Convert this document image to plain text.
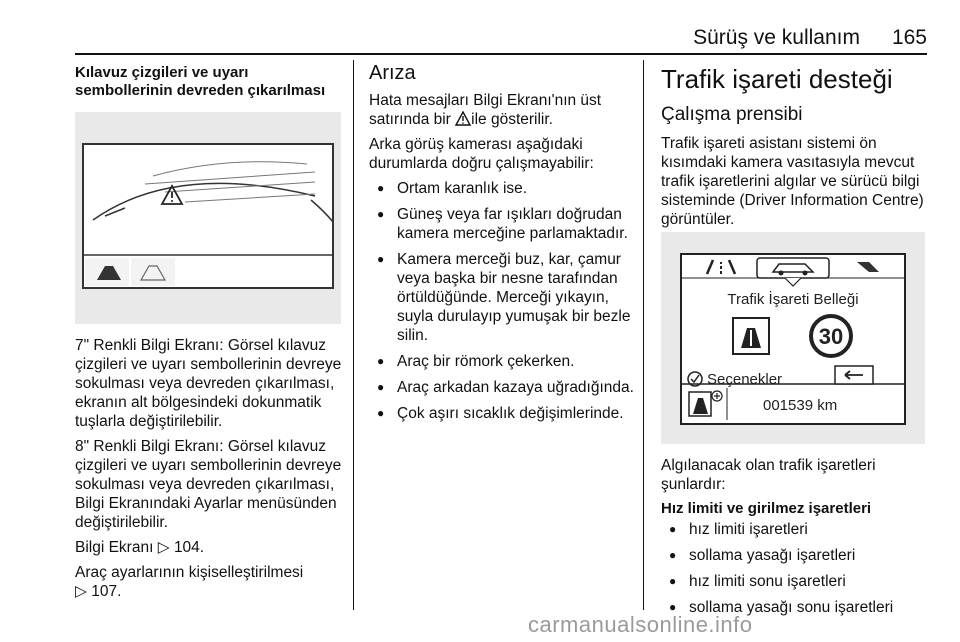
Sürüş ve kullanım	165
Kılavuz çizgileri ve uyarı
sembollerinin devreden çıkarılması

7" Renkli Bilgi Ekranı: Görsel kılavuz çizgileri ve uyarı sembollerinin devreye sokulması veya devreden çıkarılması, ekranın alt bölgesindeki dokunmatik tuşlarla değiştirilebilir.

8" Renkli Bilgi Ekranı: Görsel kılavuz çizgileri ve uyarı sembollerinin devreye sokulması veya devreden çıkarılması, Bilgi Ekranındaki Ayarlar menüsünden değiştirilebilir.

Bilgi Ekranı ▷ 104.

Araç ayarlarının kişiselleştirilmesi
▷ 107.

Arıza

Hata mesajları Bilgi Ekranı'nın üst satırında bir ile gösterilir.

Arka görüş kamerası aşağıdaki durumlarda doğru çalışmayabilir:

● Ortam karanlık ise.
● Güneş veya far ışıkları doğrudan kamera merceğine parlamaktadır.
● Kamera merceği buz, kar, çamur veya başka bir nesne tarafından örtüldüğünde. Merceği yıkayın, suyla durulayıp yumuşak bir bezle silin.
● Araç bir römork çekerken.
● Araç arkadan kazaya uğradığında.
● Çok aşırı sıcaklık değişimlerinde.
Trafik işareti desteği
Çalışma prensibi

Trafik işareti asistanı sistemi ön kısımdaki kamera vasıtasıyla mevcut trafik işaretlerini algılar ve sürücü bilgi sisteminde (Driver Information Centre) görüntüler.

Trafik İşareti Belleği
30
Seçenekler
001539 km

Algılanacak olan trafik işaretleri şunlardır:

Hız limiti ve girilmez işaretleri
● hız limiti işaretleri
● sollama yasağı işaretleri
● hız limiti sonu işaretleri
● sollama yasağı sonu işaretleri
carmanualsonline.info
